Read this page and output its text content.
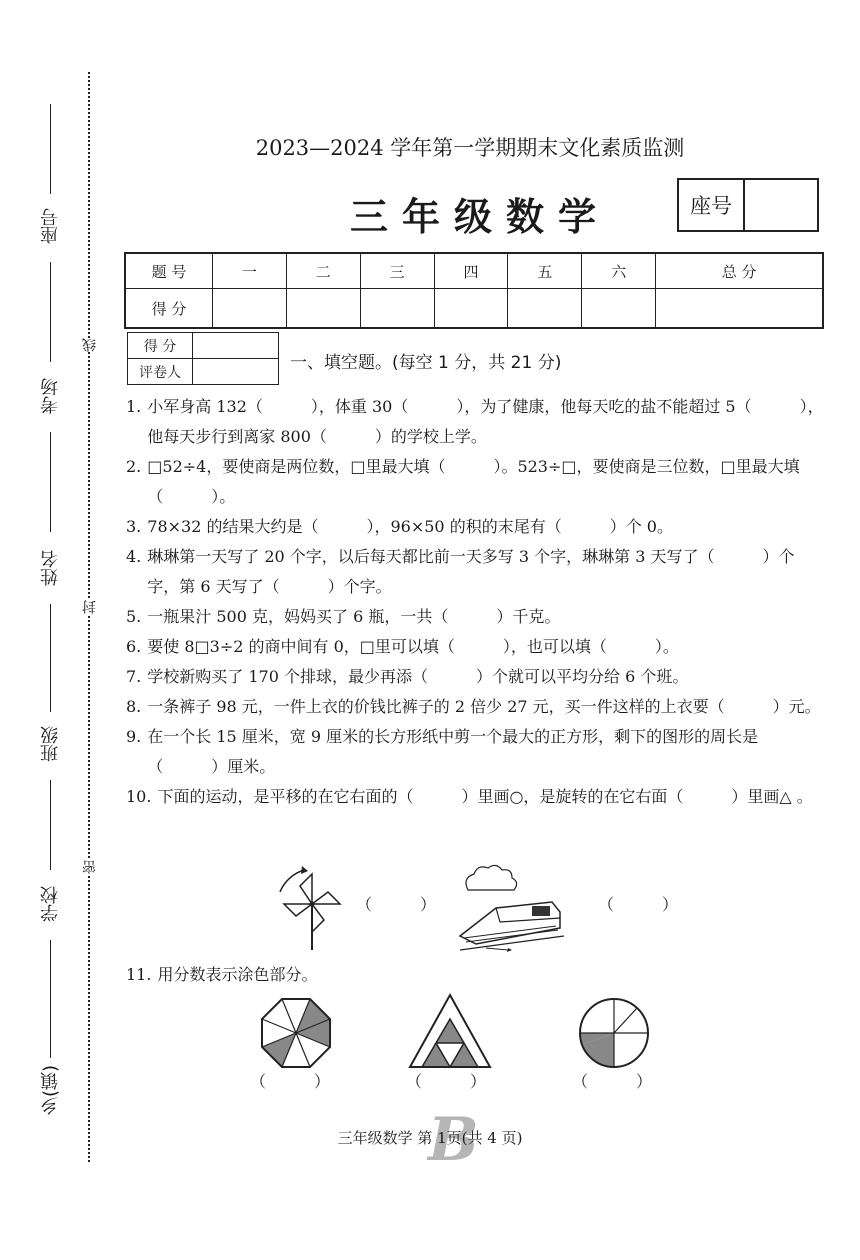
座号
考场
姓名
班级
学校
乡(镇)
线
封
密
2023—2024 学年第一学期期末文化素质监测
三年级数学	座号
题 号	一	二	三	四	五	六	总 分
得 分							
得 分	
评卷人		一、填空题。(每空 1 分，共 21 分)
1. 小军身高 132（　　　），体重 30（　　　），为了健康，他每天吃的盐不能超过 5（　　　），他每天步行到离家 800（　　　）的学校上学。
2. □52÷4，要使商是两位数，□里最大填（　　　）。523÷□，要使商是三位数，□里最大填（　　　）。
3. 78×32 的结果大约是（　　　），96×50 的积的末尾有（　　　）个 0。
4. 琳琳第一天写了 20 个字，以后每天都比前一天多写 3 个字，琳琳第 3 天写了（　　　）个字，第 6 天写了（　　　）个字。
5. 一瓶果汁 500 克，妈妈买了 6 瓶，一共（　　　）千克。
6. 要使 8□3÷2 的商中间有 0，□里可以填（　　　），也可以填（　　　）。
7. 学校新购买了 170 个排球，最少再添（　　　）个就可以平均分给 6 个班。
8. 一条裤子 98 元，一件上衣的价钱比裤子的 2 倍少 27 元，买一件这样的上衣要（　　　）元。
9. 在一个长 15 厘米，宽 9 厘米的长方形纸中剪一个最大的正方形，剩下的图形的周长是（　　　）厘米。
10. 下面的运动，是平移的在它右面的（　　　）里画○，是旋转的在它右面（　　　）里画△ 。
（　　　）	（　　　）
11. 用分数表示涂色部分。
（　　　）	（　　　）	（　　　）
B
三年级数学 第 1页(共 4 页)
